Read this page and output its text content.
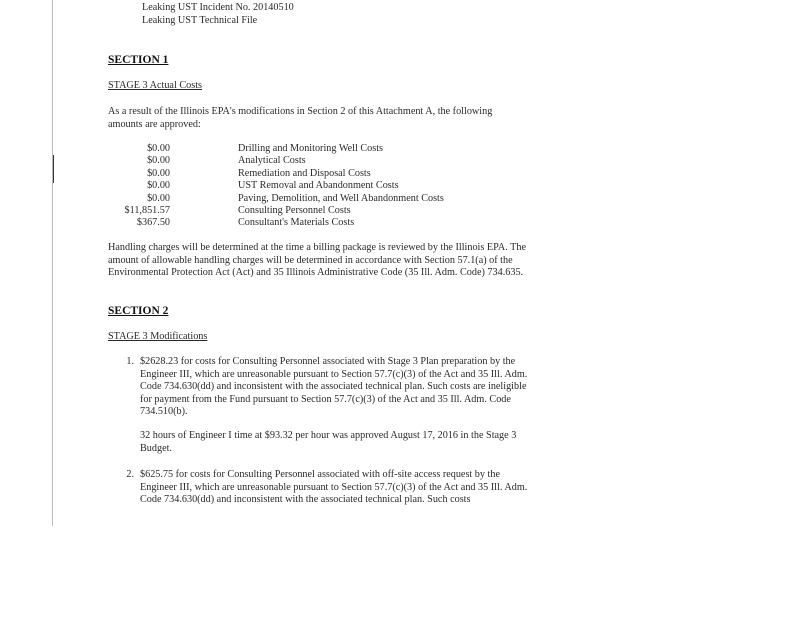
Leaking UST Incident No. 20140510
Leaking UST Technical File
SECTION 1
STAGE 3 Actual Costs
As a result of the Illinois EPA's modifications in Section 2 of this Attachment A, the following amounts are approved:
$0.00	Drilling and Monitoring Well Costs
$0.00	Analytical Costs
$0.00	Remediation and Disposal Costs
$0.00	UST Removal and Abandonment Costs
$0.00	Paving, Demolition, and Well Abandonment Costs
$11,851.57	Consulting Personnel Costs
$367.50	Consultant's Materials Costs
Handling charges will be determined at the time a billing package is reviewed by the Illinois EPA. The amount of allowable handling charges will be determined in accordance with Section 57.1(a) of the Environmental Protection Act (Act) and 35 Illinois Administrative Code (35 Ill. Adm. Code) 734.635.
SECTION 2
STAGE 3 Modifications
1. $2628.23 for costs for Consulting Personnel associated with Stage 3 Plan preparation by the Engineer III, which are unreasonable pursuant to Section 57.7(c)(3) of the Act and 35 Ill. Adm. Code 734.630(dd) and inconsistent with the associated technical plan. Such costs are ineligible for payment from the Fund pursuant to Section 57.7(c)(3) of the Act and 35 Ill. Adm. Code 734.510(b).
32 hours of Engineer I time at $93.32 per hour was approved August 17, 2016 in the Stage 3 Budget.
2. $625.75 for costs for Consulting Personnel associated with off-site access request by the Engineer III, which are unreasonable pursuant to Section 57.7(c)(3) of the Act and 35 Ill. Adm. Code 734.630(dd) and inconsistent with the associated technical plan. Such costs
